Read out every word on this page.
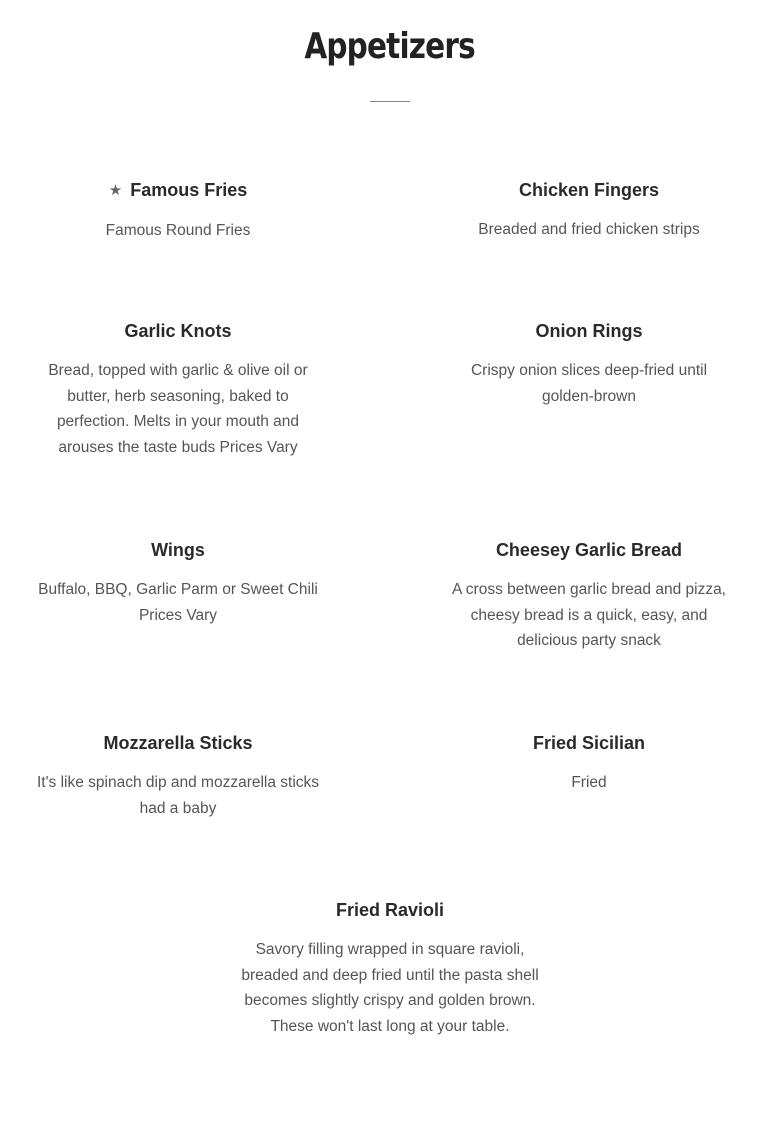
Appetizers
★ Famous Fries
Famous Round Fries
Chicken Fingers
Breaded and fried chicken strips
Garlic Knots
Bread, topped with garlic & olive oil or butter, herb seasoning, baked to perfection. Melts in your mouth and arouses the taste buds Prices Vary
Onion Rings
Crispy onion slices deep-fried until golden-brown
Wings
Buffalo, BBQ, Garlic Parm or Sweet Chili Prices Vary
Cheesey Garlic Bread
A cross between garlic bread and pizza, cheesy bread is a quick, easy, and delicious party snack
Mozzarella Sticks
It's like spinach dip and mozzarella sticks had a baby
Fried Sicilian
Fried
Fried Ravioli
Savory filling wrapped in square ravioli, breaded and deep fried until the pasta shell becomes slightly crispy and golden brown. These won't last long at your table.
